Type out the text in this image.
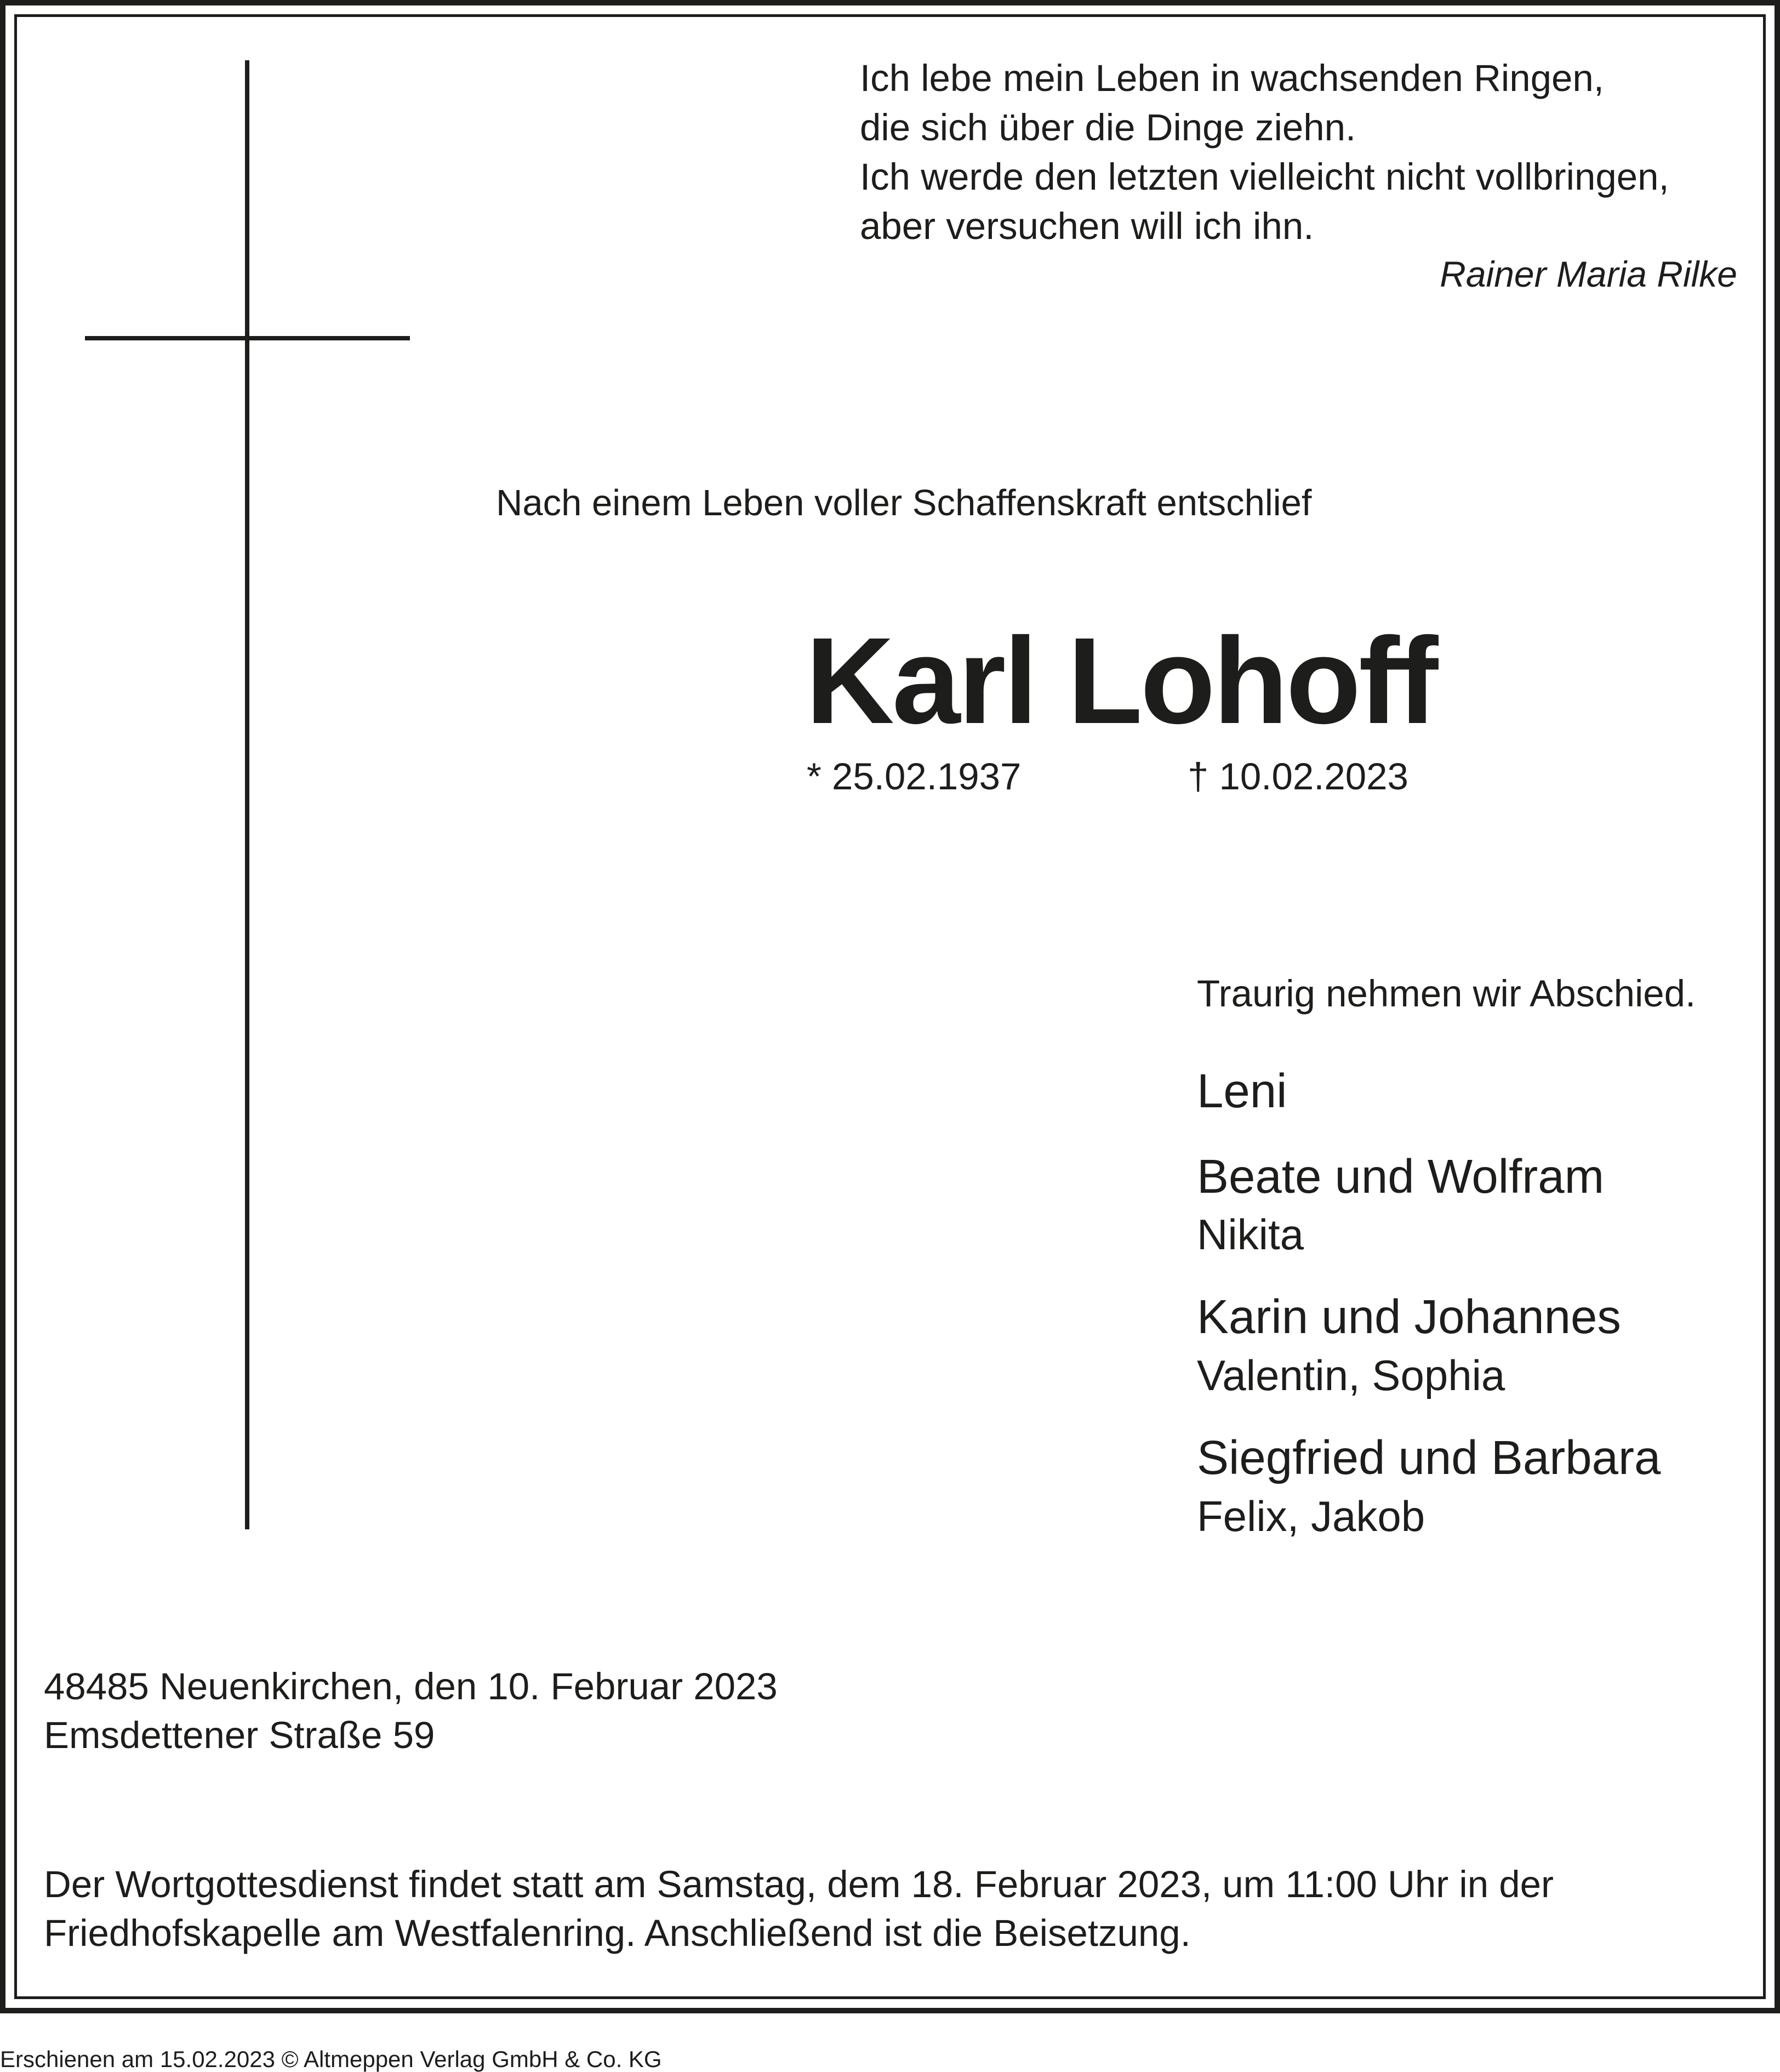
Ich lebe mein Leben in wachsenden Ringen,
die sich über die Dinge ziehn.
Ich werde den letzten vielleicht nicht vollbringen,
aber versuchen will ich ihn.
Rainer Maria Rilke
Nach einem Leben voller Schaffenskraft entschlief
Karl Lohoff
* 25.02.1937	† 10.02.2023
Traurig nehmen wir Abschied.
Leni
Beate und Wolfram
Nikita
Karin und Johannes
Valentin, Sophia
Siegfried und Barbara
Felix, Jakob
48485 Neuenkirchen, den 10. Februar 2023
Emsdettener Straße 59
Der Wortgottesdienst findet statt am Samstag, dem 18. Februar 2023, um 11:00 Uhr in der
Friedhofskapelle am Westfalenring. Anschließend ist die Beisetzung.
Erschienen am 15.02.2023 © Altmeppen Verlag GmbH & Co. KG
